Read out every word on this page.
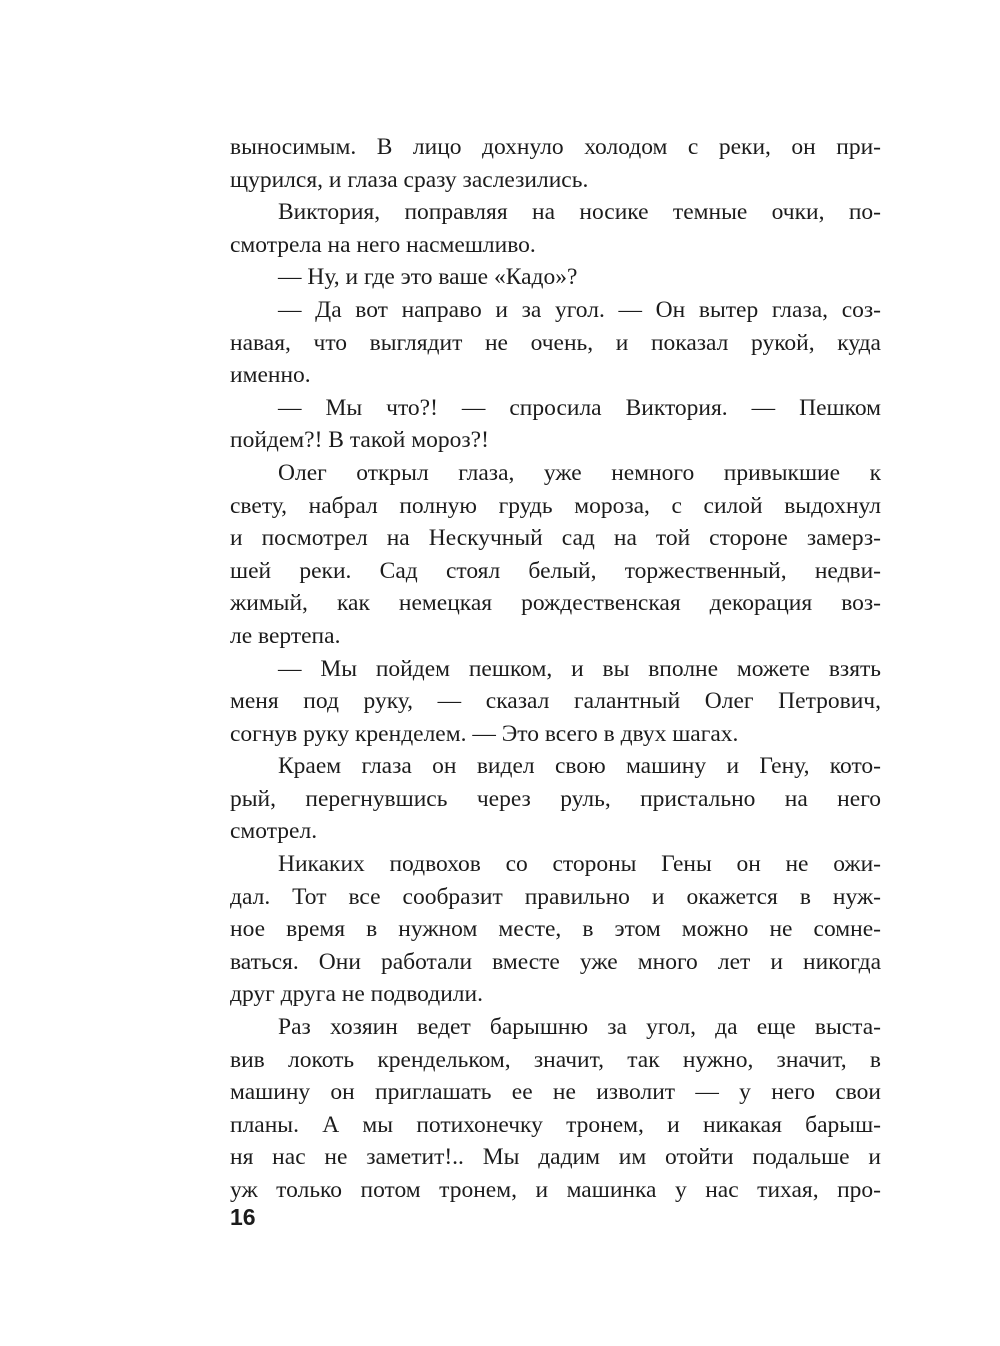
выносимым. В лицо дохнуло холодом с реки, он при-
щурился, и глаза сразу заслезились.

Виктория, поправляя на носике темные очки, по-
смотрела на него насмешливо.

— Ну, и где это ваше «Кадо»?

— Да вот направо и за угол. — Он вытер глаза, соз-
навая, что выглядит не очень, и показал рукой, куда
именно.

— Мы что?! — спросила Виктория. — Пешком
пойдем?! В такой мороз?!

Олег открыл глаза, уже немного привыкшие к
свету, набрал полную грудь мороза, с силой выдохнул
и посмотрел на Нескучный сад на той стороне замерз-
шей реки. Сад стоял белый, торжественный, недви-
жимый, как немецкая рождественская декорация воз-
ле вертепа.

— Мы пойдем пешком, и вы вполне можете взять
меня под руку, — сказал галантный Олег Петрович,
согнув руку кренделем. — Это всего в двух шагах.

Краем глаза он видел свою машину и Гену, кото-
рый, перегнувшись через руль, пристально на него
смотрел.

Никаких подвохов со стороны Гены он не ожи-
дал. Тот все сообразит правильно и окажется в нуж-
ное время в нужном месте, в этом можно не сомне-
ваться. Они работали вместе уже много лет и никогда
друг друга не подводили.

Раз хозяин ведет барышню за угол, да еще выста-
вив локоть крендельком, значит, так нужно, значит, в
машину он приглашать ее не изволит — у него свои
планы. А мы потихонечку тронем, и никакая барыш-
ня нас не заметит!.. Мы дадим им отойти подальше и
уж только потом тронем, и машинка у нас тихая, про-

16
